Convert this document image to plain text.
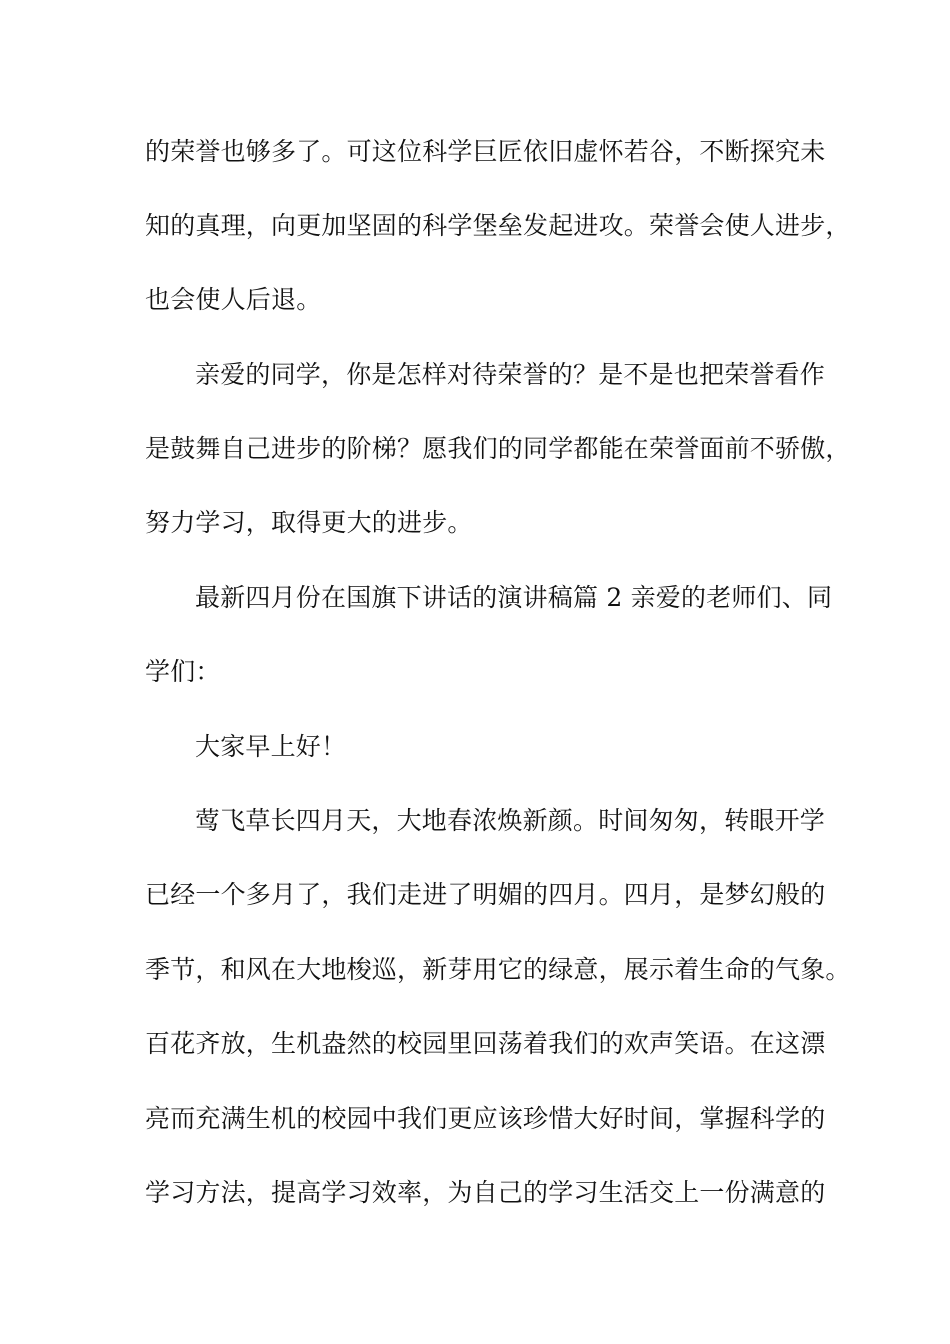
的荣誉也够多了。可这位科学巨匠依旧虚怀若谷，不断探究未
知的真理，向更加坚固的科学堡垒发起进攻。荣誉会使人进步，
也会使人后退。
亲爱的同学，你是怎样对待荣誉的？是不是也把荣誉看作
是鼓舞自己进步的阶梯？愿我们的同学都能在荣誉面前不骄傲，
努力学习，取得更大的进步。
最新四月份在国旗下讲话的演讲稿篇 2 亲爱的老师们、同
学们：
大家早上好！
莺飞草长四月天，大地春浓焕新颜。时间匆匆，转眼开学
已经一个多月了，我们走进了明媚的四月。四月，是梦幻般的
季节，和风在大地梭巡，新芽用它的绿意，展示着生命的气象。
百花齐放，生机盎然的校园里回荡着我们的欢声笑语。在这漂
亮而充满生机的校园中我们更应该珍惜大好时间，掌握科学的
学习方法，提高学习效率，为自己的学习生活交上一份满意的
